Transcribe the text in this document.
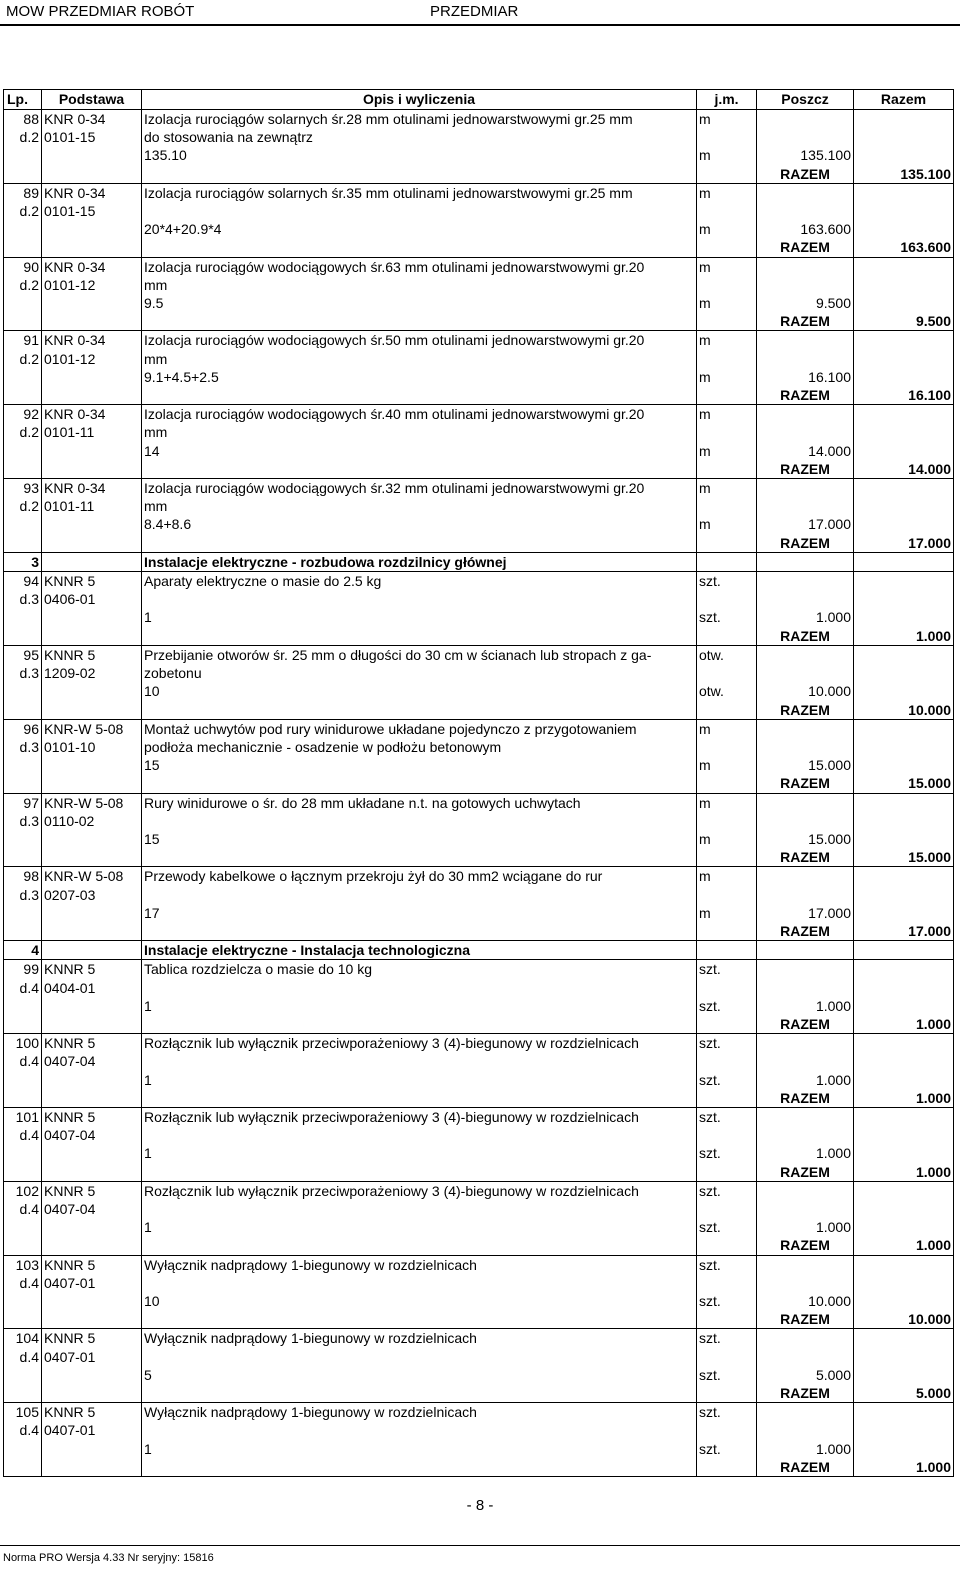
MOW PRZEDMIAR ROBÓT	PRZEDMIAR
Lp.	Podstawa	Opis i wyliczenia	j.m.	Poszcz	Razem
88	KNR 0-34	Izolacja rurociągów solarnych śr.28 mm otulinami jednowarstwowymi gr.25 mm	m		
d.2	0101-15	do stosowania na zewnątrz			
		135.10	m	135.100	
				RAZEM	135.100
89	KNR 0-34	Izolacja rurociągów solarnych śr.35 mm otulinami jednowarstwowymi gr.25 mm	m		
d.2	0101-15				
		20*4+20.9*4	m	163.600	
				RAZEM	163.600
90	KNR 0-34	Izolacja rurociągów wodociągowych śr.63 mm otulinami jednowarstwowymi gr.20	m		
d.2	0101-12	mm			
		9.5	m	9.500	
				RAZEM	9.500
91	KNR 0-34	Izolacja rurociągów wodociągowych śr.50 mm otulinami jednowarstwowymi gr.20	m		
d.2	0101-12	mm			
		9.1+4.5+2.5	m	16.100	
				RAZEM	16.100
92	KNR 0-34	Izolacja rurociągów wodociągowych śr.40 mm otulinami jednowarstwowymi gr.20	m		
d.2	0101-11	mm			
		14	m	14.000	
				RAZEM	14.000
93	KNR 0-34	Izolacja rurociągów wodociągowych śr.32 mm otulinami jednowarstwowymi gr.20	m		
d.2	0101-11	mm			
		8.4+8.6	m	17.000	
				RAZEM	17.000
3		Instalacje elektryczne - rozbudowa rozdzilnicy głównej			
94	KNNR 5	Aparaty elektryczne o masie do 2.5 kg	szt.		
d.3	0406-01				
		1	szt.	1.000	
				RAZEM	1.000
95	KNNR 5	Przebijanie otworów śr. 25 mm o długości do 30 cm w ścianach lub stropach z ga-	otw.		
d.3	1209-02	zobetonu			
		10	otw.	10.000	
				RAZEM	10.000
96	KNR-W 5-08	Montaż uchwytów pod rury winidurowe układane pojedynczo z przygotowaniem	m		
d.3	0101-10	podłoża mechanicznie - osadzenie w podłożu betonowym			
		15	m	15.000	
				RAZEM	15.000
97	KNR-W 5-08	Rury winidurowe o śr. do 28 mm układane n.t. na gotowych uchwytach	m		
d.3	0110-02				
		15	m	15.000	
				RAZEM	15.000
98	KNR-W 5-08	Przewody kabelkowe o łącznym przekroju żył do 30 mm2 wciągane do rur	m		
d.3	0207-03				
		17	m	17.000	
				RAZEM	17.000
4		Instalacje elektryczne - Instalacja technologiczna			
99	KNNR 5	Tablica rozdzielcza o masie do 10 kg	szt.		
d.4	0404-01				
		1	szt.	1.000	
				RAZEM	1.000
100	KNNR 5	Rozłącznik lub wyłącznik przeciwporażeniowy 3 (4)-biegunowy w rozdzielnicach	szt.		
d.4	0407-04				
		1	szt.	1.000	
				RAZEM	1.000
101	KNNR 5	Rozłącznik lub wyłącznik przeciwporażeniowy 3 (4)-biegunowy w rozdzielnicach	szt.		
d.4	0407-04				
		1	szt.	1.000	
				RAZEM	1.000
102	KNNR 5	Rozłącznik lub wyłącznik przeciwporażeniowy 3 (4)-biegunowy w rozdzielnicach	szt.		
d.4	0407-04				
		1	szt.	1.000	
				RAZEM	1.000
103	KNNR 5	Wyłącznik nadprądowy 1-biegunowy w rozdzielnicach	szt.		
d.4	0407-01				
		10	szt.	10.000	
				RAZEM	10.000
104	KNNR 5	Wyłącznik nadprądowy 1-biegunowy w rozdzielnicach	szt.		
d.4	0407-01				
		5	szt.	5.000	
				RAZEM	5.000
105	KNNR 5	Wyłącznik nadprądowy 1-biegunowy w rozdzielnicach	szt.		
d.4	0407-01				
		1	szt.	1.000	
				RAZEM	1.000
- 8 -
Norma PRO Wersja 4.33 Nr seryjny: 15816
